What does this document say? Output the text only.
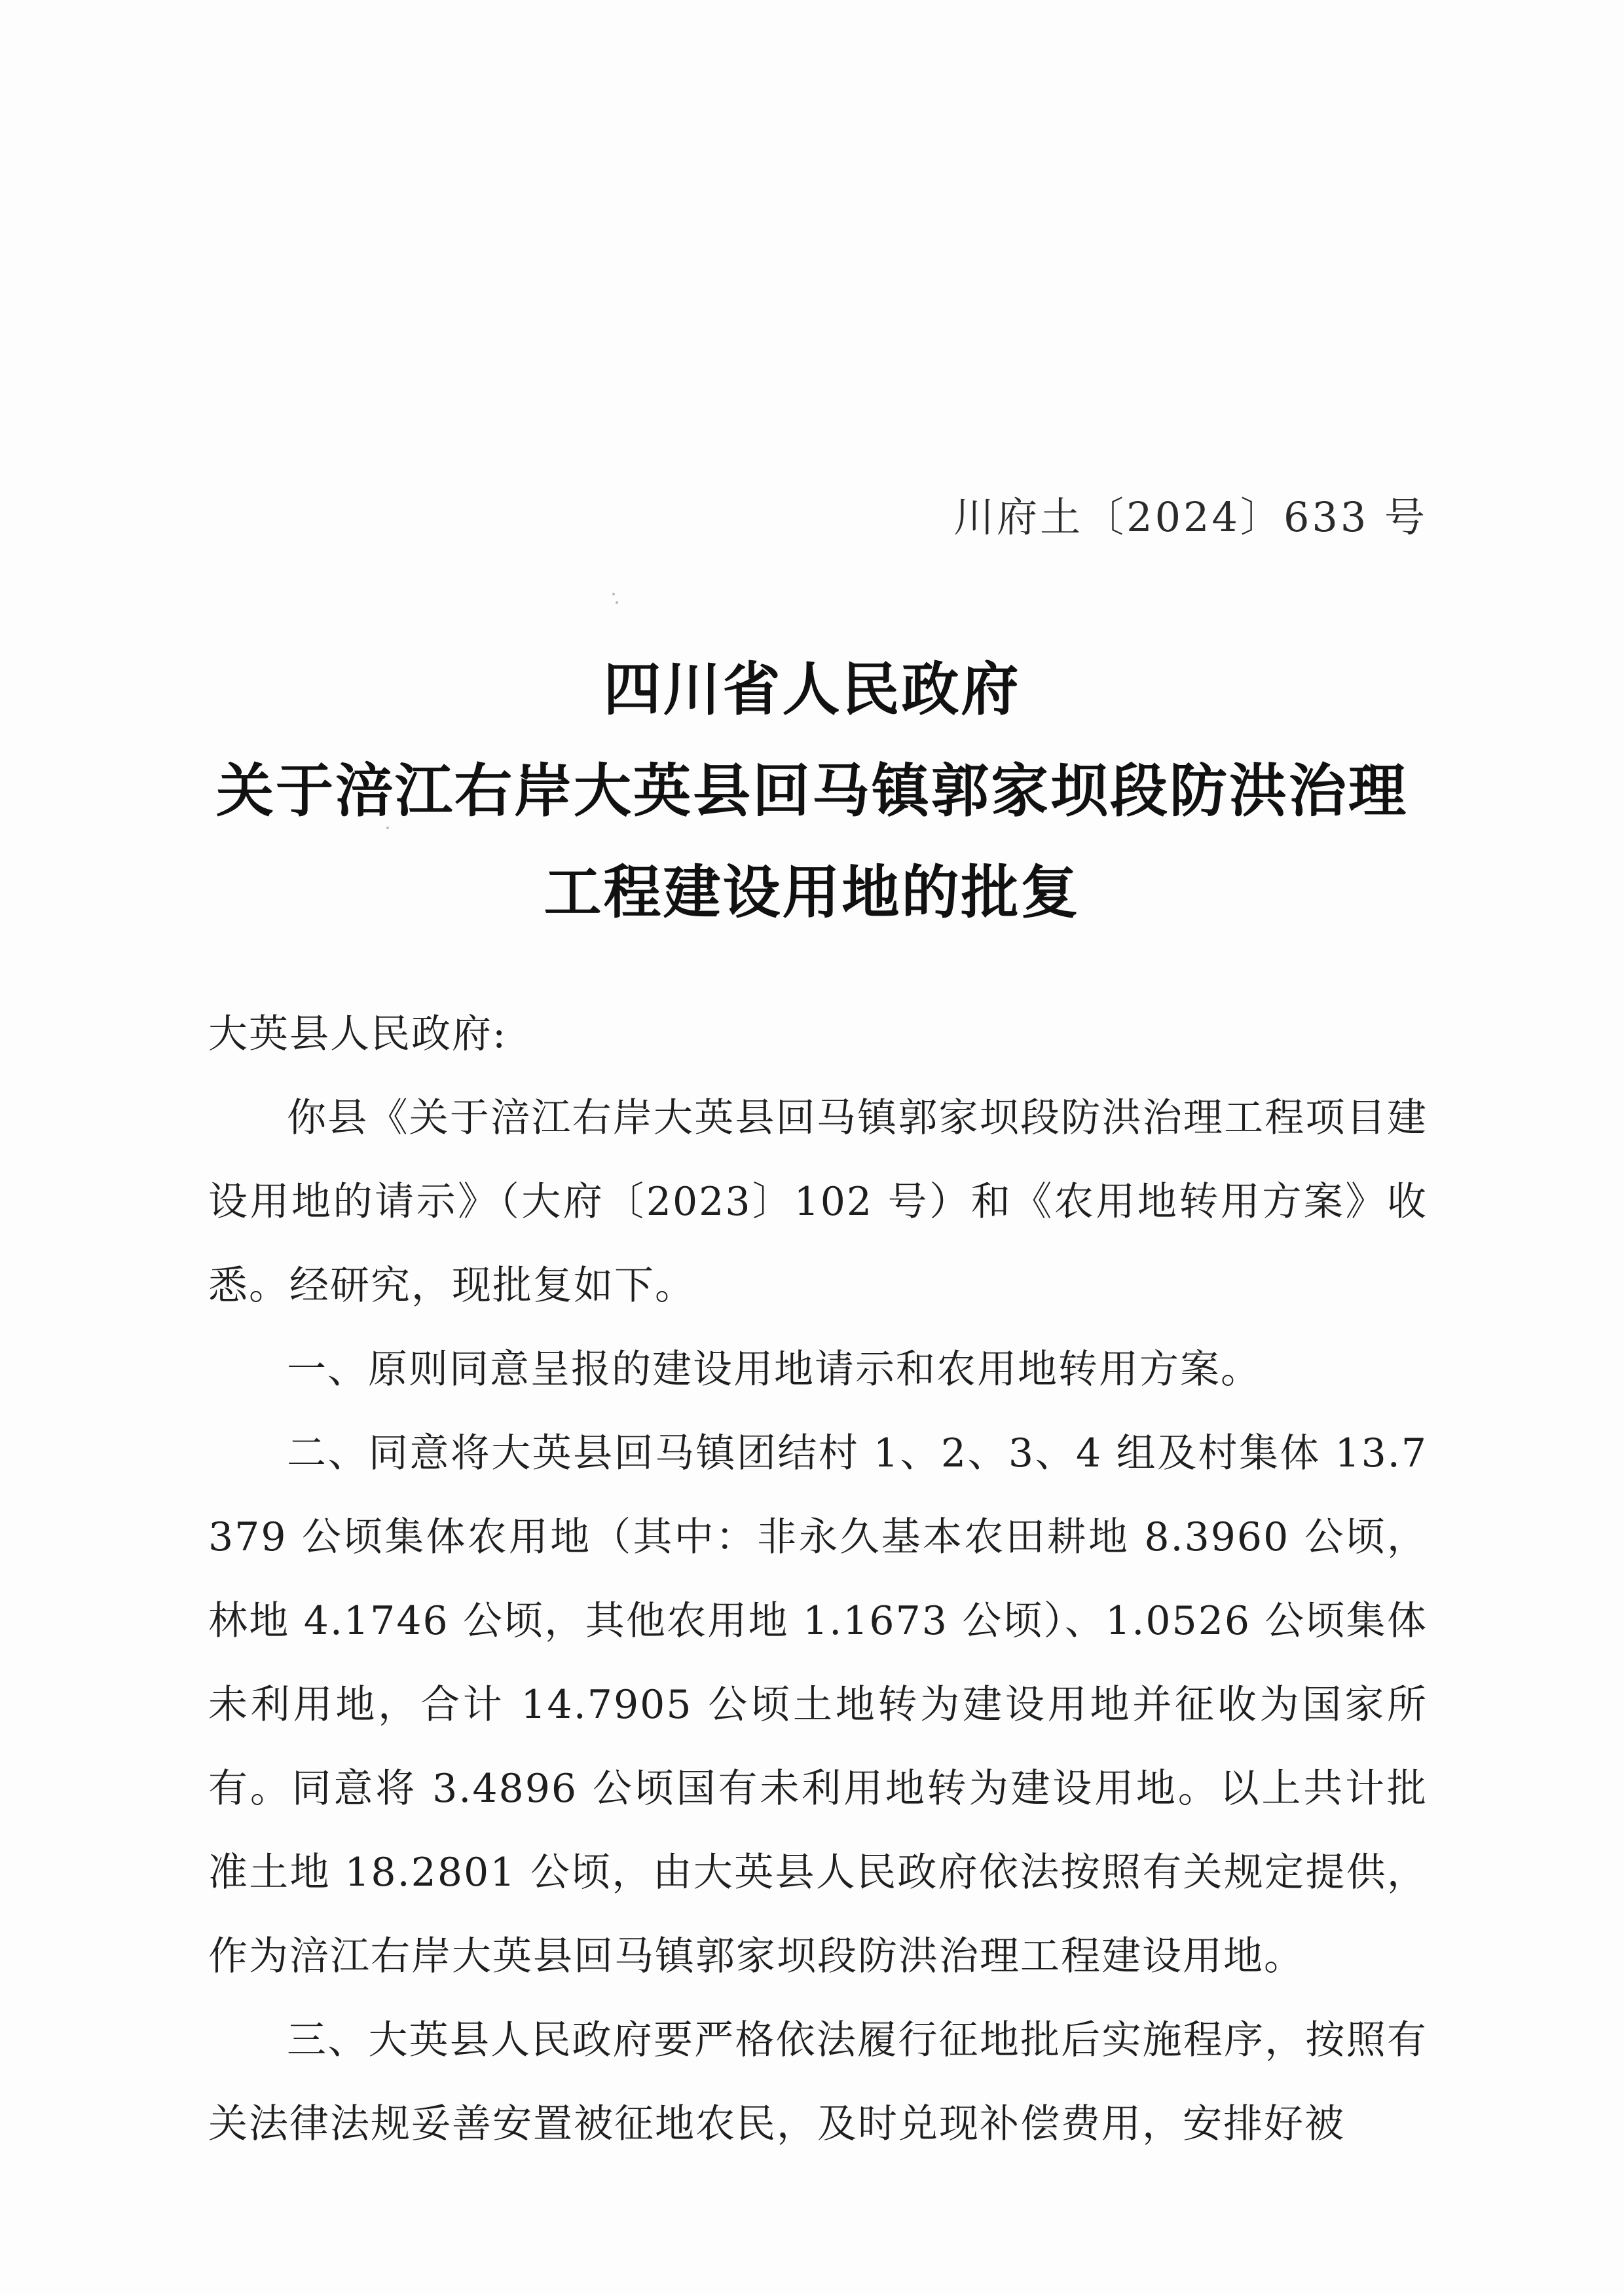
川府土〔2024〕633 号
四川省人民政府
关于涪江右岸大英县回马镇郭家坝段防洪治理
工程建设用地的批复
大英县人民政府:
你县《关于涪江右岸大英县回马镇郭家坝段防洪治理工程项目建设用地的请示》（大府〔2023〕102 号）和《农用地转用方案》收悉。经研究，现批复如下。
一、原则同意呈报的建设用地请示和农用地转用方案。
二、同意将大英县回马镇团结村 1、2、3、4 组及村集体 13.7379 公顷集体农用地（其中：非永久基本农田耕地 8.3960 公顷，林地 4.1746 公顷，其他农用地 1.1673 公顷）、1.0526 公顷集体未利用地，合计 14.7905 公顷土地转为建设用地并征收为国家所有。同意将 3.4896 公顷国有未利用地转为建设用地。以上共计批准土地 18.2801 公顷，由大英县人民政府依法按照有关规定提供，作为涪江右岸大英县回马镇郭家坝段防洪治理工程建设用地。
三、大英县人民政府要严格依法履行征地批后实施程序，按照有关法律法规妥善安置被征地农民，及时兑现补偿费用，安排好被
